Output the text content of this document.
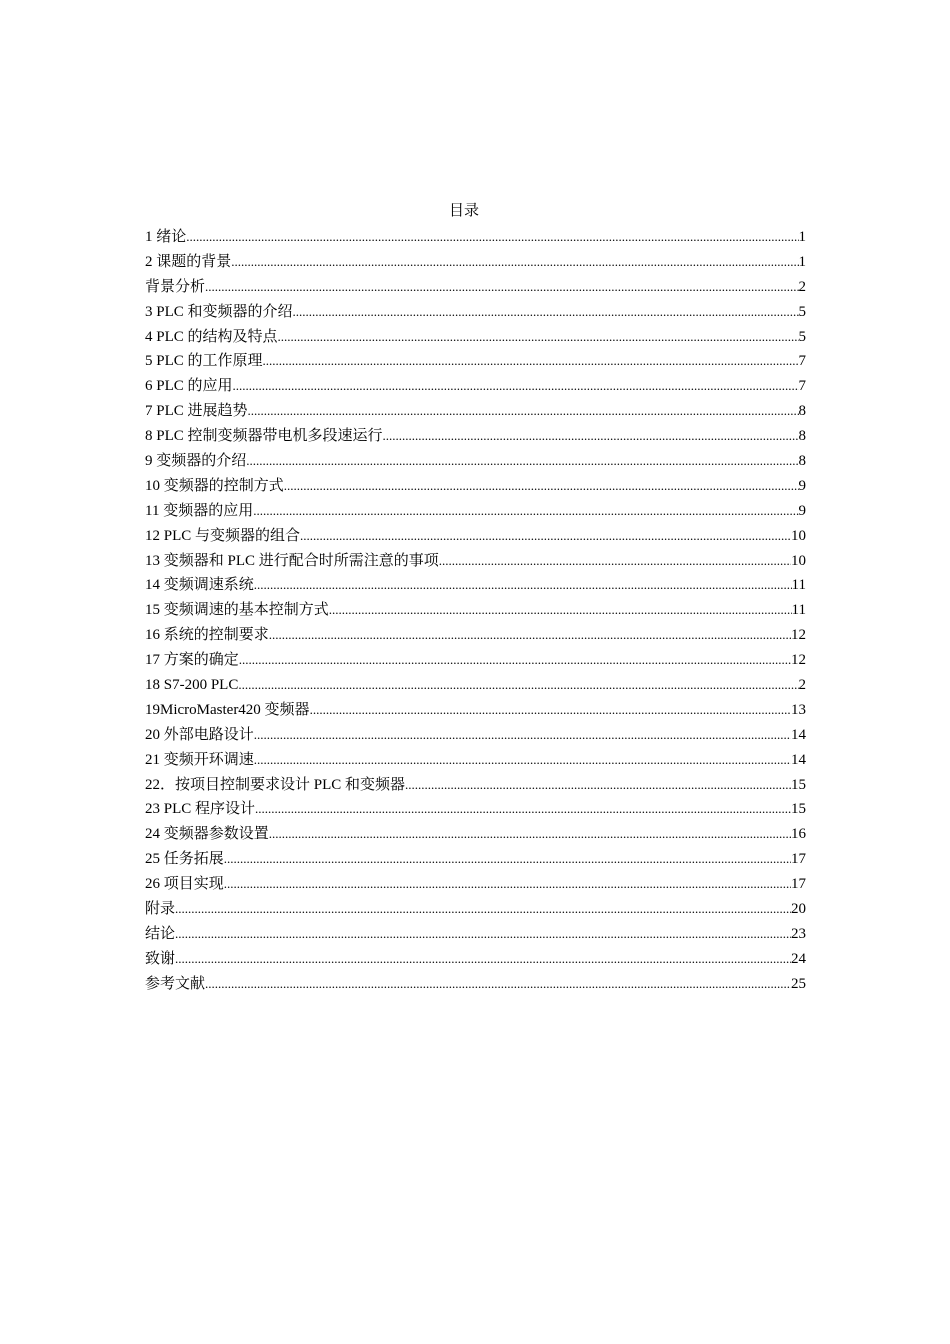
目录
1 绪论 .....	1
2 课题的背景 .....	1
背景分析 .....	2
3 PLC 和变频器的介绍 .....	5
4 PLC 的结构及特点 .....	5
5 PLC 的工作原理 .....	7
6 PLC 的应用 .....	7
7 PLC 进展趋势 .....	8
8 PLC 控制变频器带电机多段速运行 .....	8
9 变频器的介绍 .....	8
10 变频器的控制方式 .....	9
11 变频器的应用 .....	9
12 PLC 与变频器的组合 .....	10
13 变频器和 PLC 进行配合时所需注意的事项 .....	10
14 变频调速系统 .....	11
15 变频调速的基本控制方式 .....	11
16 系统的控制要求 .....	12
17 方案的确定 .....	12
18 S7-200 PLC .....	2
19MicroMaster420 变频器 .....	13
20 外部电路设计 .....	14
21 变频开环调速 .....	14
22．按项目控制要求设计 PLC 和变频器 .....	15
23 PLC 程序设计 .....	15
24 变频器参数设置 .....	16
25 任务拓展 .....	17
26 项目实现 .....	17
附录 .....	20
结论 .....	23
致谢 .....	24
参考文献 .....	25
